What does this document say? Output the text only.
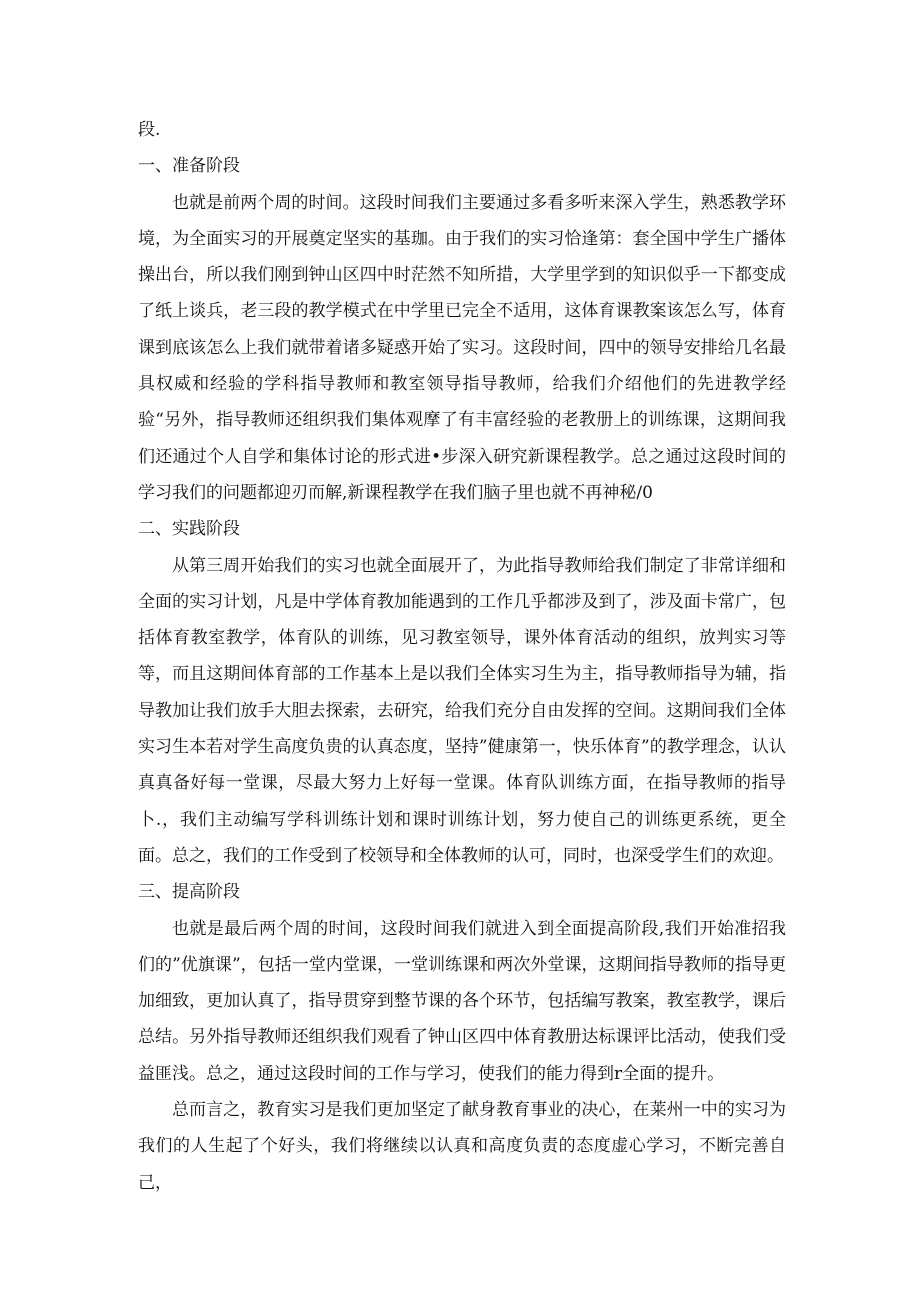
段.

一、准备阶段

也就是前两个周的时间。这段时间我们主要通过多看多听来深入学生，熟悉教学环境，为全面实习的开展奠定坚实的基珈。由于我们的实习恰逢第：套全国中学生广播体操出台，所以我们刚到钟山区四中时茫然不知所措，大学里学到的知识似乎一下都变成了纸上谈兵，老三段的教学模式在中学里已完全不适用，这体育课教案该怎么写，体育课到底该怎么上我们就带着诸多疑惑开始了实习。这段时间，四中的领导安排给几名最具权威和经验的学科指导教师和教室领导指导教师，给我们介绍他们的先进教学经验“另外，指导教师还组织我们集体观摩了有丰富经验的老教册上的训练课，这期间我们还通过个人自学和集体讨论的形式进•步深入研究新课程教学。总之通过这段时间的学习我们的问题都迎刃而解,新课程教学在我们脑子里也就不再神秘/0

二、实践阶段

从第三周开始我们的实习也就全面展开了，为此指导教师给我们制定了非常详细和全面的实习计划，凡是中学体育教加能遇到的工作几乎都涉及到了，涉及面卡常广，包括体育教室教学，体育队的训练，见习教室领导，课外体育活动的组织，放判实习等等，而且这期间体育部的工作基本上是以我们全体实习生为主，指导教师指导为辅，指导教加让我们放手大胆去探索，去研究，给我们充分自由发挥的空间。这期间我们全体实习生本若对学生高度负贵的认真态度，坚持”健康第一，快乐体育”的教学理念，认认真真备好每一堂课，尽最大努力上好每一堂课。体育队训练方面，在指导教师的指导卜.，我们主动编写学科训练计划和课时训练计划，努力使自己的训练更系统，更全面。总之，我们的工作受到了校领导和全体教师的认可，同时，也深受学生们的欢迎。

三、提高阶段

也就是最后两个周的时间，这段时间我们就进入到全面提高阶段,我们开始准招我们的”优旗课”，包括一堂内堂课，一堂训练课和两次外堂课，这期间指导教师的指导更加细致，更加认真了，指导贯穿到整节课的各个环节，包括编写教案，教室教学，课后总结。另外指导教师还组织我们观看了钟山区四中体育教册达标课评比活动，使我们受益匪浅。总之，通过这段时间的工作与学习，使我们的能力得到r全面的提升。

总而言之，教育实习是我们更加坚定了献身教育事业的决心，在莱州一中的实习为我们的人生起了个好头，我们将继续以认真和高度负责的态度虚心学习，不断完善自己，
